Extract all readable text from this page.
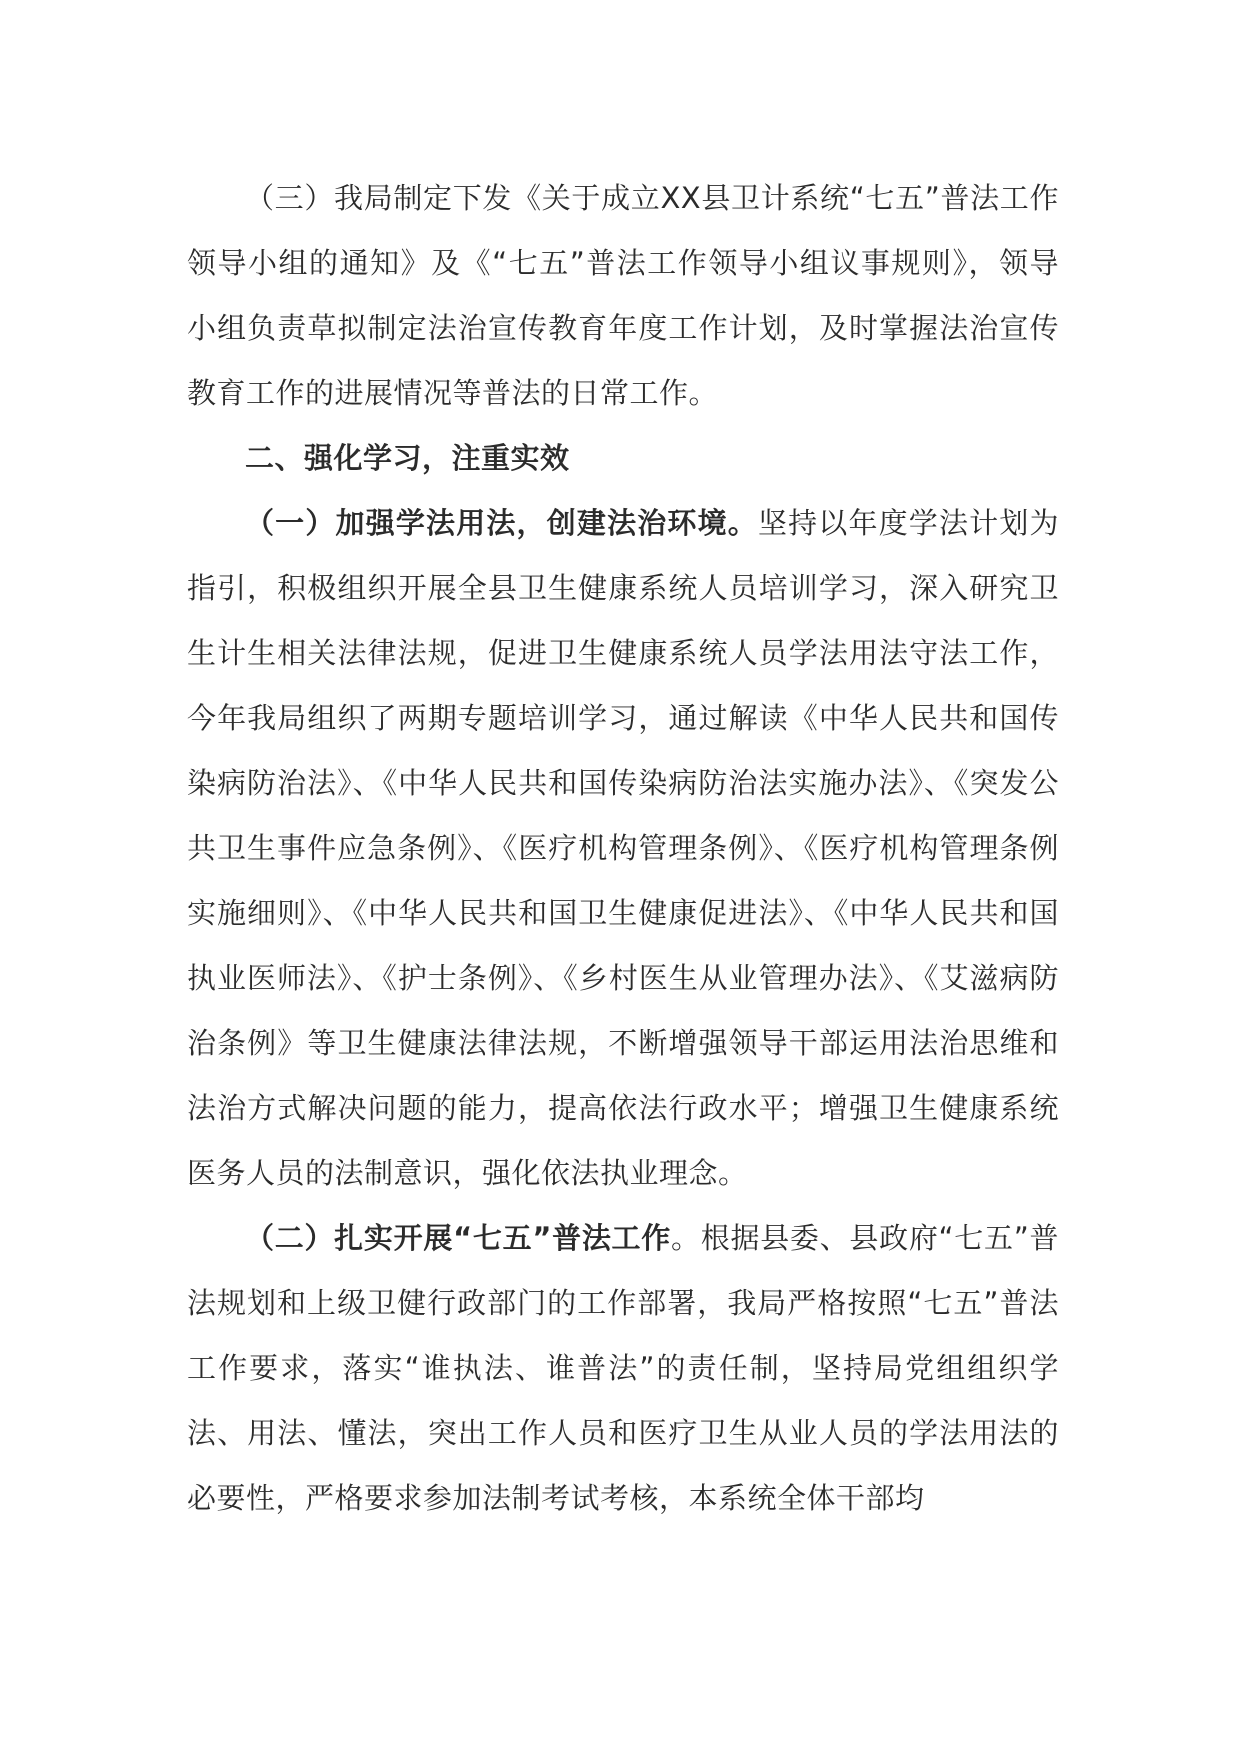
（三）我局制定下发《关于成立XX县卫计系统“七五”普法工作领导小组的通知》及《“七五”普法工作领导小组议事规则》，领导小组负责草拟制定法治宣传教育年度工作计划，及时掌握法治宣传教育工作的进展情况等普法的日常工作。

二、强化学习，注重实效

（一）加强学法用法，创建法治环境。坚持以年度学法计划为指引，积极组织开展全县卫生健康系统人员培训学习，深入研究卫生计生相关法律法规，促进卫生健康系统人员学法用法守法工作，今年我局组织了两期专题培训学习，通过解读《中华人民共和国传染病防治法》、《中华人民共和国传染病防治法实施办法》、《突发公共卫生事件应急条例》、《医疗机构管理条例》、《医疗机构管理条例实施细则》、《中华人民共和国卫生健康促进法》、《中华人民共和国执业医师法》、《护士条例》、《乡村医生从业管理办法》、《艾滋病防治条例》等卫生健康法律法规，不断增强领导干部运用法治思维和法治方式解决问题的能力，提高依法行政水平；增强卫生健康系统医务人员的法制意识，强化依法执业理念。

（二）扎实开展“七五”普法工作。根据县委、县政府“七五”普法规划和上级卫健行政部门的工作部署，我局严格按照“七五”普法工作要求，落实“谁执法、谁普法”的责任制，坚持局党组组织学法、用法、懂法，突出工作人员和医疗卫生从业人员的学法用法的必要性，严格要求参加法制考试考核，本系统全体干部均
